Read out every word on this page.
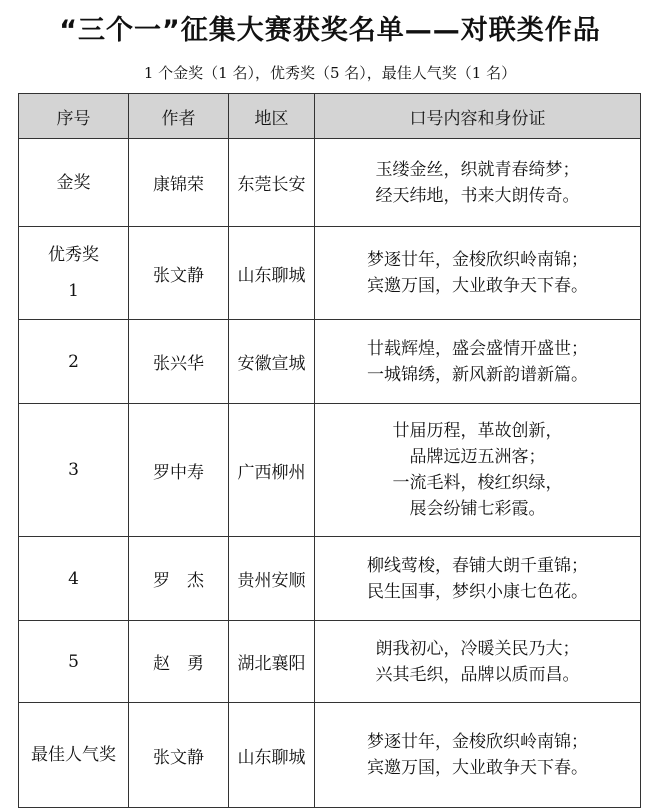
“三个一”征集大赛获奖名单——对联类作品
1 个金奖（1 名），优秀奖（5 名），最佳人气奖（1 名）
序号	作者	地区	口号内容和身份证

金奖	康锦荣	东莞长安	玉缕金丝，织就青春绮梦；
经天纬地，书来大朗传奇。

优秀奖
1	张文静	山东聊城	梦逐廿年，金梭欣织岭南锦；
宾邀万国，大业敢争天下春。

2	张兴华	安徽宣城	廿载辉煌，盛会盛情开盛世；
一城锦绣，新风新韵谱新篇。

3	罗中寿	广西柳州	廿届历程，革故创新，
品牌远迈五洲客；
一流毛料，梭红织绿，
展会纷铺七彩霞。

4	罗　杰	贵州安顺	柳线莺梭，春铺大朗千重锦；
民生国事，梦织小康七色花。

5	赵　勇	湖北襄阳	朗我初心，冷暖关民乃大；
兴其毛织，品牌以质而昌。

最佳人气奖	张文静	山东聊城	梦逐廿年，金梭欣织岭南锦；
宾邀万国，大业敢争天下春。
